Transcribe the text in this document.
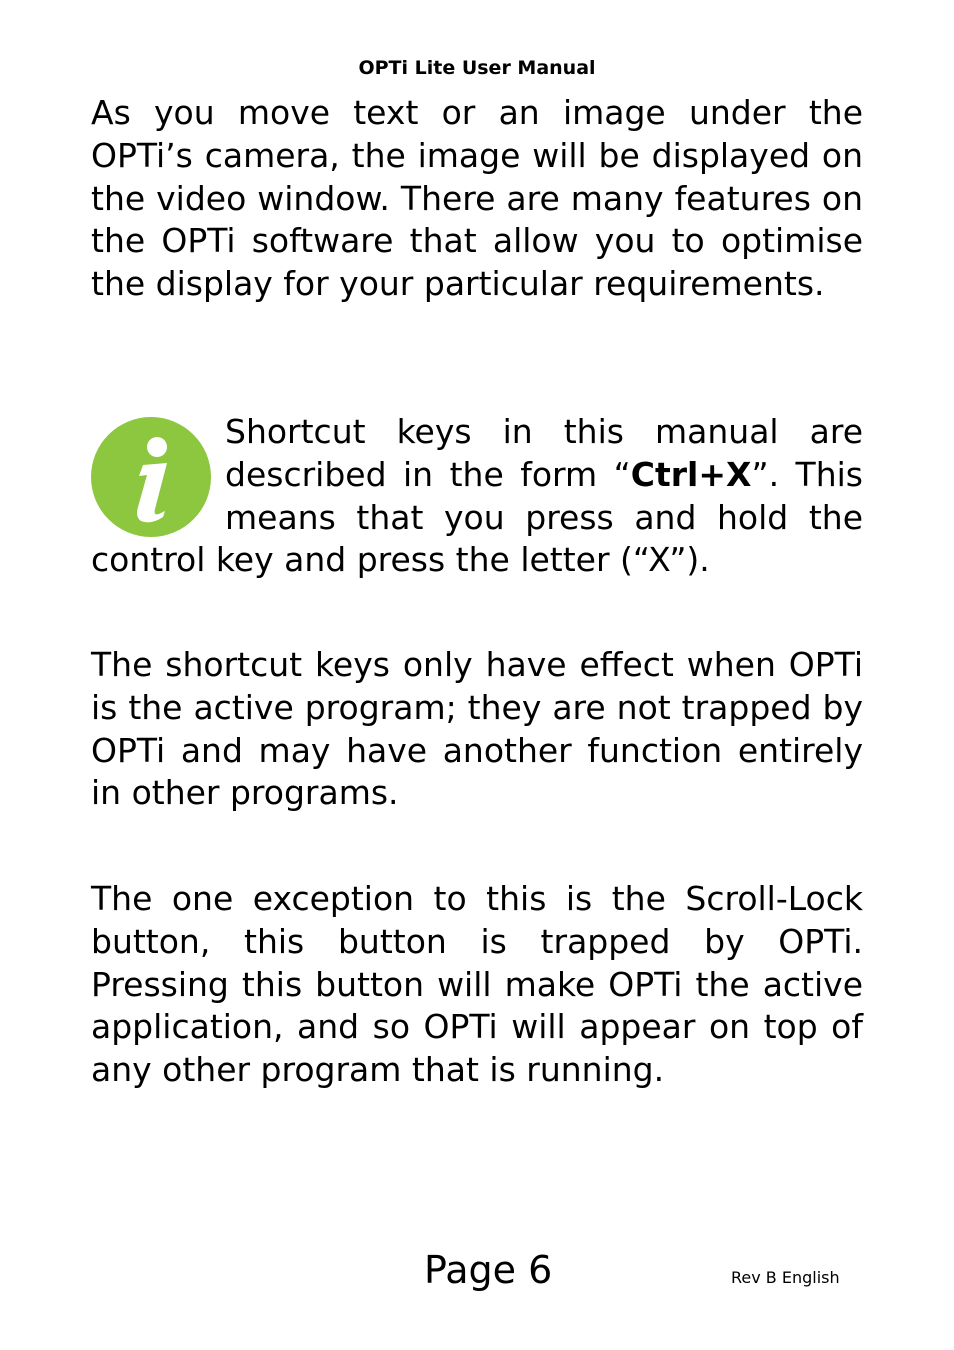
OPTi Lite User Manual

As you move text or an image under the OPTi’s camera, the image will be displayed on the video window. There are many features on the OPTi software that allow you to optimise the display for your particular requirements.

Shortcut keys in this manual are described in the form “Ctrl+X”. This means that you press and hold the control key and press the letter (“X”).

The shortcut keys only have effect when OPTi is the active program; they are not trapped by OPTi and may have another function entirely in other programs.

The one exception to this is the Scroll-Lock button, this button is trapped by OPTi. Pressing this button will make OPTi the active application, and so OPTi will appear on top of any other program that is running.

Page 6	Rev B English
